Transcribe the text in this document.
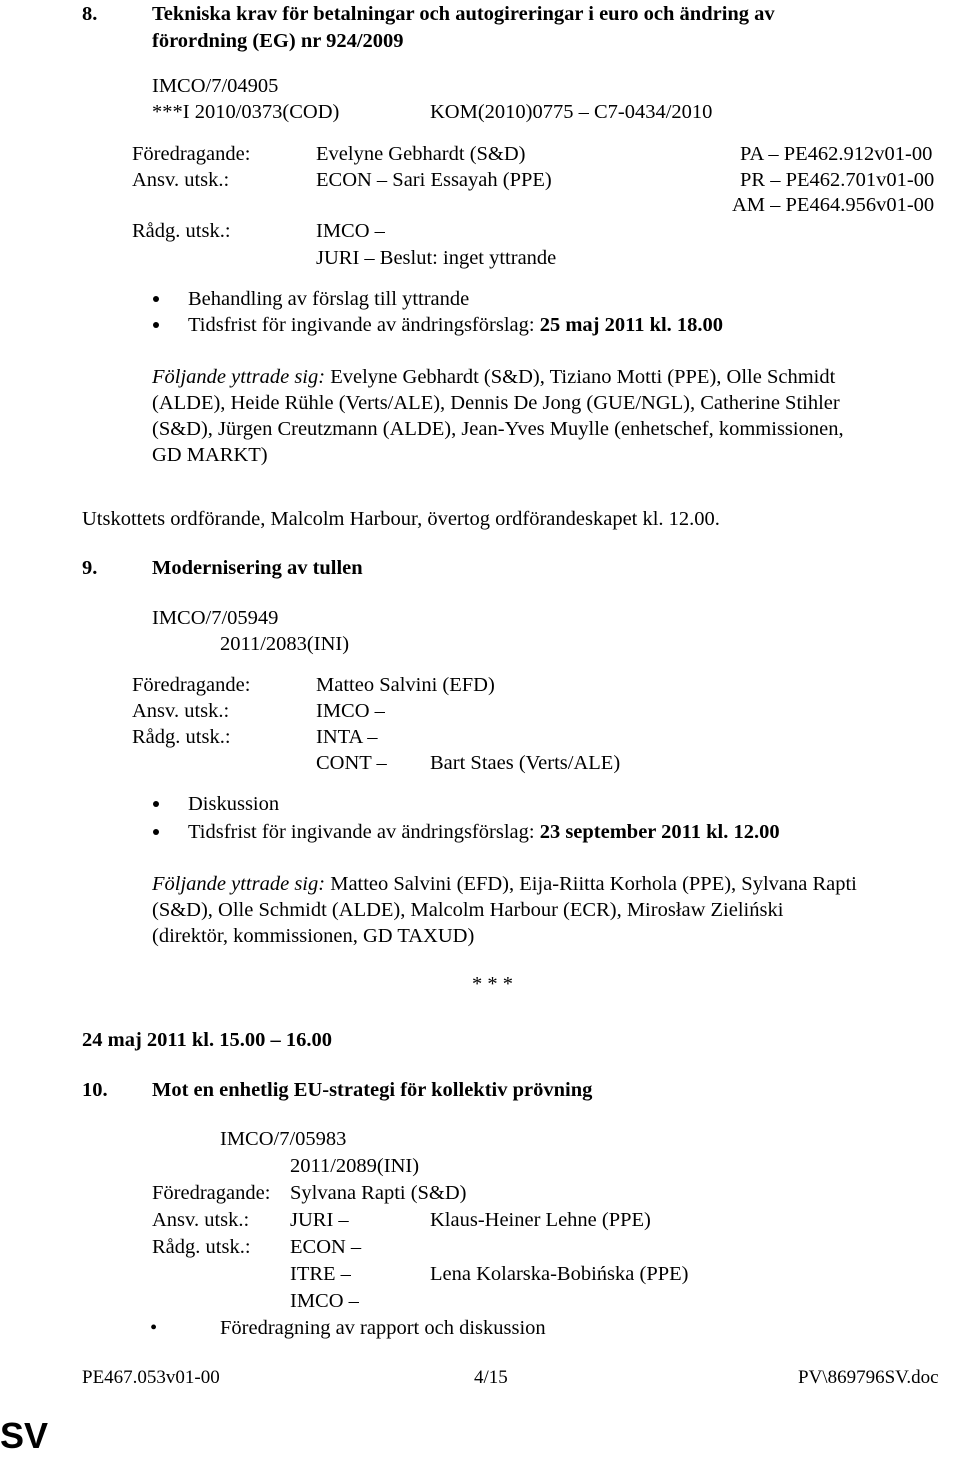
8.	Tekniska krav för betalningar och autogireringar i euro och ändring av
förordning (EG) nr 924/2009
IMCO/7/04905
***I 2010/0373(COD)	KOM(2010)0775 – C7-0434/2010
Föredragande:	Evelyne Gebhardt (S&D)	PA – PE462.912v01-00
Ansv. utsk.:	ECON – Sari Essayah (PPE)	PR – PE462.701v01-00
AM – PE464.956v01-00
Rådg. utsk.:	IMCO –
JURI – Beslut: inget yttrande
Behandling av förslag till yttrande
Tidsfrist för ingivande av ändringsförslag: 25 maj 2011 kl. 18.00
Följande yttrade sig: Evelyne Gebhardt (S&D), Tiziano Motti (PPE), Olle Schmidt
(ALDE), Heide Rühle (Verts/ALE), Dennis De Jong (GUE/NGL), Catherine Stihler
(S&D), Jürgen Creutzmann (ALDE), Jean-Yves Muylle (enhetschef, kommissionen,
GD MARKT)
Utskottets ordförande, Malcolm Harbour, övertog ordförandeskapet kl. 12.00.
9.	Modernisering av tullen
IMCO/7/05949
2011/2083(INI)
Föredragande:	Matteo Salvini (EFD)
Ansv. utsk.:	IMCO –
Rådg. utsk.:	INTA –
CONT – Bart Staes (Verts/ALE)
Diskussion
Tidsfrist för ingivande av ändringsförslag: 23 september 2011 kl. 12.00
Följande yttrade sig: Matteo Salvini (EFD), Eija-Riitta Korhola (PPE), Sylvana Rapti
(S&D), Olle Schmidt (ALDE), Malcolm Harbour (ECR), Mirosław Zieliński
(direktör, kommissionen, GD TAXUD)
* * *
24 maj 2011 kl. 15.00 – 16.00
10. Mot en enhetlig EU-strategi för kollektiv prövning
IMCO/7/05983
2011/2089(INI)
Föredragande: Sylvana Rapti (S&D)
Ansv. utsk.: JURI –	Klaus-Heiner Lehne (PPE)
Rådg. utsk.: ECON –
ITRE –	Lena Kolarska-Bobińska (PPE)
IMCO –
•	Föredragning av rapport och diskussion
PE467.053v01-00	4/15	PV\869796SV.doc
SV
